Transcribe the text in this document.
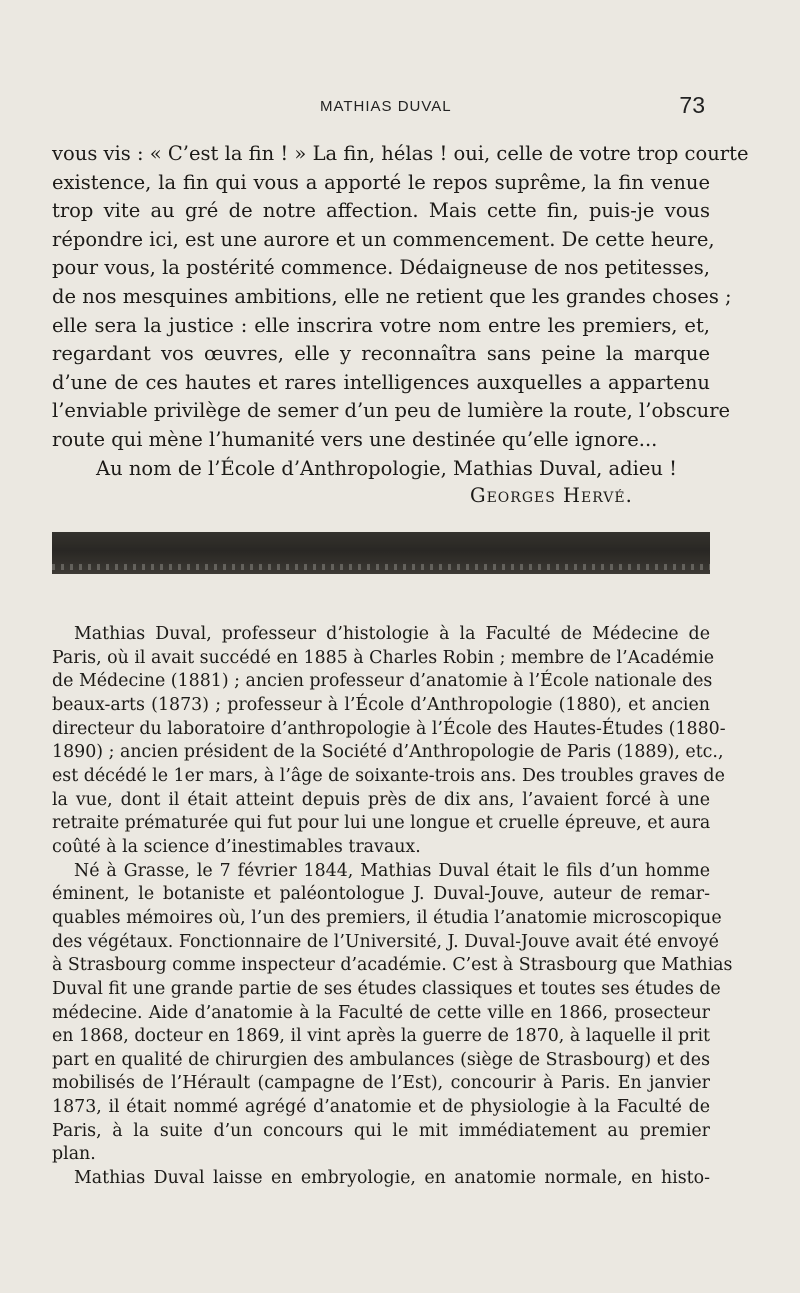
MATHIAS DUVAL	73

vous vis : « C’est la fin ! » La fin, hélas ! oui, celle de votre trop courte
existence, la fin qui vous a apporté le repos suprême, la fin venue
trop vite au gré de notre affection. Mais cette fin, puis-je vous
répondre ici, est une aurore et un commencement. De cette heure,
pour vous, la postérité commence. Dédaigneuse de nos petitesses,
de nos mesquines ambitions, elle ne retient que les grandes choses ;
elle sera la justice : elle inscrira votre nom entre les premiers, et,
regardant vos œuvres, elle y reconnaîtra sans peine la marque
d’une de ces hautes et rares intelligences auxquelles a appartenu
l’enviable privilège de semer d’un peu de lumière la route, l’obscure
route qui mène l’humanité vers une destinée qu’elle ignore...

Au nom de l’École d’Anthropologie, Mathias Duval, adieu !

Georges Hervé.

Mathias Duval, professeur d’histologie à la Faculté de Médecine de
Paris, où il avait succédé en 1885 à Charles Robin ; membre de l’Académie
de Médecine (1881) ; ancien professeur d’anatomie à l’École nationale des
beaux-arts (1873) ; professeur à l’École d’Anthropologie (1880), et ancien
directeur du laboratoire d’anthropologie à l’École des Hautes-Études (1880-
1890) ; ancien président de la Société d’Anthropologie de Paris (1889), etc.,
est décédé le 1er mars, à l’âge de soixante-trois ans. Des troubles graves de
la vue, dont il était atteint depuis près de dix ans, l’avaient forcé à une
retraite prématurée qui fut pour lui une longue et cruelle épreuve, et aura
coûté à la science d’inestimables travaux.

Né à Grasse, le 7 février 1844, Mathias Duval était le fils d’un homme
éminent, le botaniste et paléontologue J. Duval-Jouve, auteur de remar-
quables mémoires où, l’un des premiers, il étudia l’anatomie microscopique
des végétaux. Fonctionnaire de l’Université, J. Duval-Jouve avait été envoyé
à Strasbourg comme inspecteur d’académie. C’est à Strasbourg que Mathias
Duval fit une grande partie de ses études classiques et toutes ses études de
médecine. Aide d’anatomie à la Faculté de cette ville en 1866, prosecteur
en 1868, docteur en 1869, il vint après la guerre de 1870, à laquelle il prit
part en qualité de chirurgien des ambulances (siège de Strasbourg) et des
mobilisés de l’Hérault (campagne de l’Est), concourir à Paris. En janvier
1873, il était nommé agrégé d’anatomie et de physiologie à la Faculté de
Paris, à la suite d’un concours qui le mit immédiatement au premier
plan.

Mathias Duval laisse en embryologie, en anatomie normale, en histo-
